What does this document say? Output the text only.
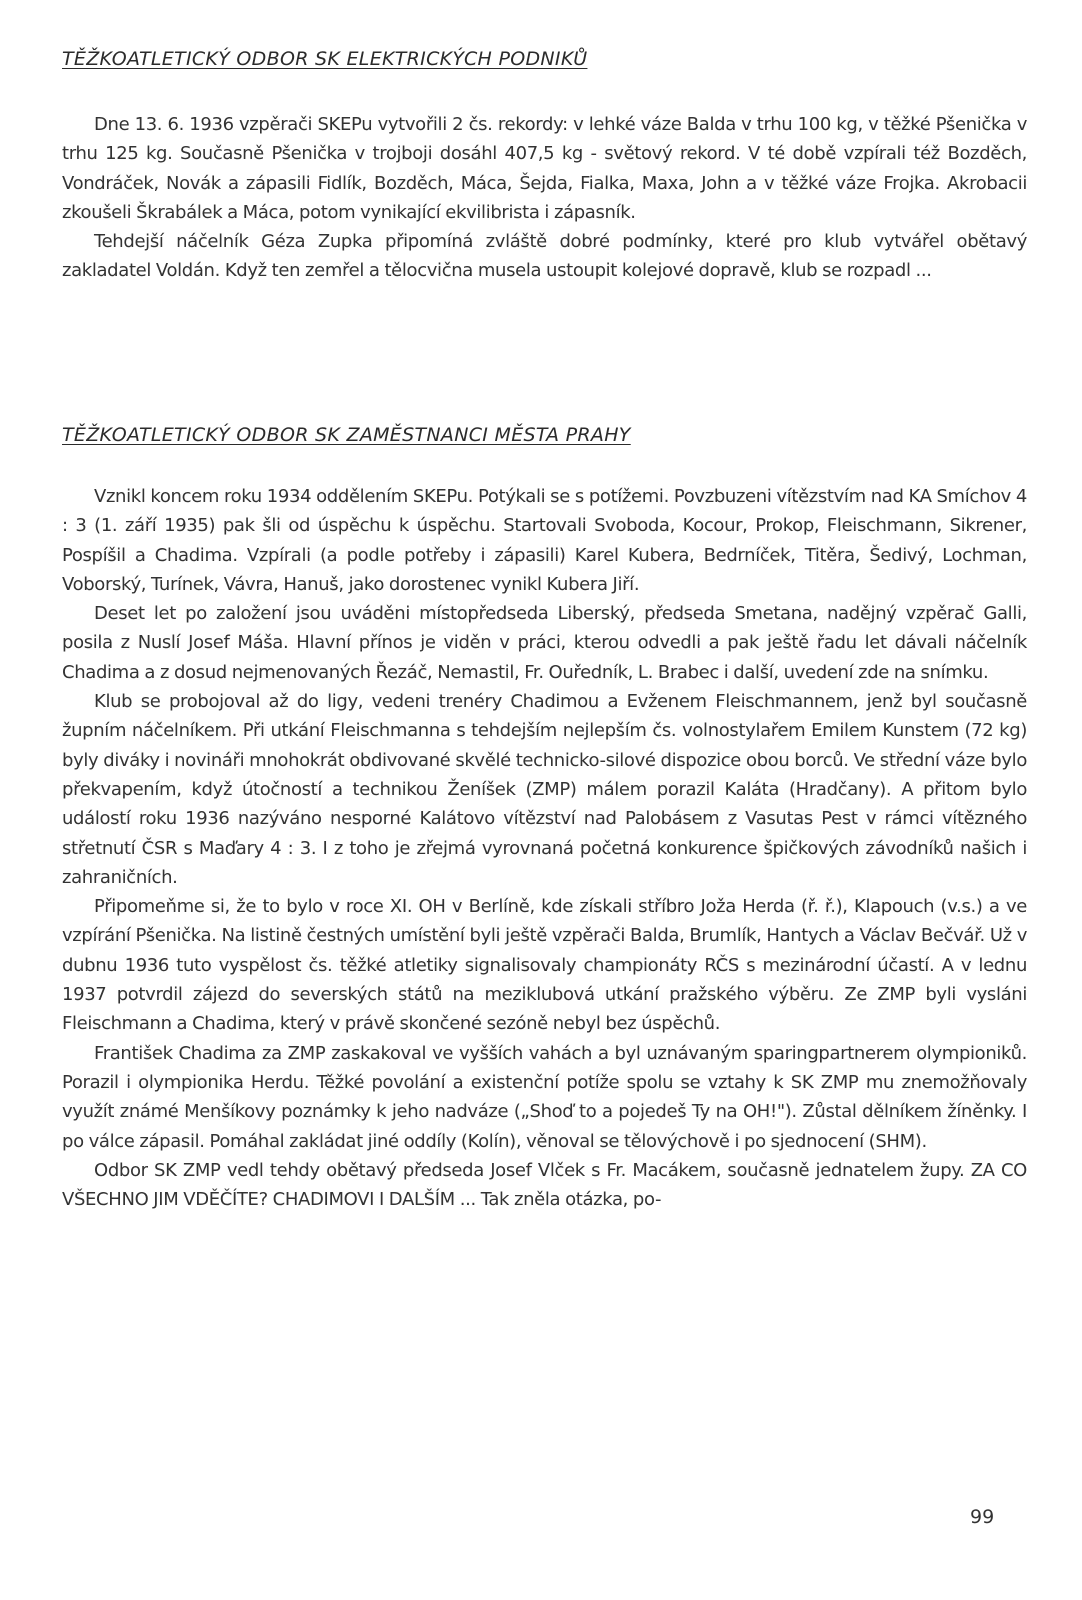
TĚŽKOATLETICKÝ ODBOR SK ELEKTRICKÝCH PODNIKŮ

Dne 13. 6. 1936 vzpěrači SKEPu vytvořili 2 čs. rekordy: v lehké váze Balda v trhu 100 kg, v těžké Pšenička v trhu 125 kg. Současně Pšenička v trojboji dosáhl 407,5 kg - světový rekord. V té době vzpírali též Bozděch, Vondráček, Novák a zápasili Fidlík, Bozděch, Máca, Šejda, Fialka, Maxa, John a v těžké váze Frojka. Akrobacii zkoušeli Škrabálek a Máca, potom vynikající ekvilibrista i zápasník.

Tehdejší náčelník Géza Zupka připomíná zvláště dobré podmínky, které pro klub vytvářel obětavý zakladatel Voldán. Když ten zemřel a tělocvična musela ustoupit kolejové dopravě, klub se rozpadl ...

TĚŽKOATLETICKÝ ODBOR SK ZAMĚSTNANCI MĚSTA PRAHY

Vznikl koncem roku 1934 oddělením SKEPu. Potýkali se s potížemi. Povzbuzeni vítězstvím nad KA Smíchov 4 : 3 (1. září 1935) pak šli od úspěchu k úspěchu. Startovali Svoboda, Kocour, Prokop, Fleischmann, Sikrener, Pospíšil a Chadima. Vzpírali (a podle potřeby i zápasili) Karel Kubera, Bedrníček, Titěra, Šedivý, Lochman, Voborský, Turínek, Vávra, Hanuš, jako dorostenec vynikl Kubera Jiří.

Deset let po založení jsou uváděni místopředseda Liberský, předseda Smetana, nadějný vzpěrač Galli, posila z Nuslí Josef Máša. Hlavní přínos je viděn v práci, kterou odvedli a pak ještě řadu let dávali náčelník Chadima a z dosud nejmenovaných Řezáč, Nemastil, Fr. Ouředník, L. Brabec i další, uvedení zde na snímku.

Klub se probojoval až do ligy, vedeni trenéry Chadimou a Evženem Fleischmannem, jenž byl současně župním náčelníkem. Při utkání Fleischmanna s tehdejším nejlepším čs. volnostylařem Emilem Kunstem (72 kg) byly diváky i novináři mnohokrát obdivované skvělé technicko-silové dispozice obou borců. Ve střední váze bylo překvapením, když útočností a technikou Ženíšek (ZMP) málem porazil Kaláta (Hradčany). A přitom bylo událostí roku 1936 nazýváno nesporné Kalátovo vítězství nad Palobásem z Vasutas Pest v rámci vítězného střetnutí ČSR s Maďary 4 : 3. I z toho je zřejmá vyrovnaná početná konkurence špičkových závodníků našich i zahraničních.

Připomeňme si, že to bylo v roce XI. OH v Berlíně, kde získali stříbro Joža Herda (ř. ř.), Klapouch (v.s.) a ve vzpírání Pšenička. Na listině čestných umístění byli ještě vzpěrači Balda, Brumlík, Hantych a Václav Bečvář. Už v dubnu 1936 tuto vyspělost čs. těžké atletiky signalisovaly championáty RČS s mezinárodní účastí. A v lednu 1937 potvrdil zájezd do severských států na meziklubová utkání pražského výběru. Ze ZMP byli vysláni Fleischmann a Chadima, který v právě skončené sezóně nebyl bez úspěchů.

František Chadima za ZMP zaskakoval ve vyšších vahách a byl uznávaným sparingpartnerem olympioniků. Porazil i olympionika Herdu. Těžké povolání a existenční potíže spolu se vztahy k SK ZMP mu znemožňovaly využít známé Menšíkovy poznámky k jeho nadváze („Shoď to a pojedeš Ty na OH!"). Zůstal dělníkem žíněnky. I po válce zápasil. Pomáhal zakládat jiné oddíly (Kolín), věnoval se tělovýchově i po sjednocení (SHM).

Odbor SK ZMP vedl tehdy obětavý předseda Josef Vlček s Fr. Macákem, současně jednatelem župy. ZA CO VŠECHNO JIM VDĚČÍTE? CHADIMOVI I DALŠÍM ... Tak zněla otázka, po-

99
